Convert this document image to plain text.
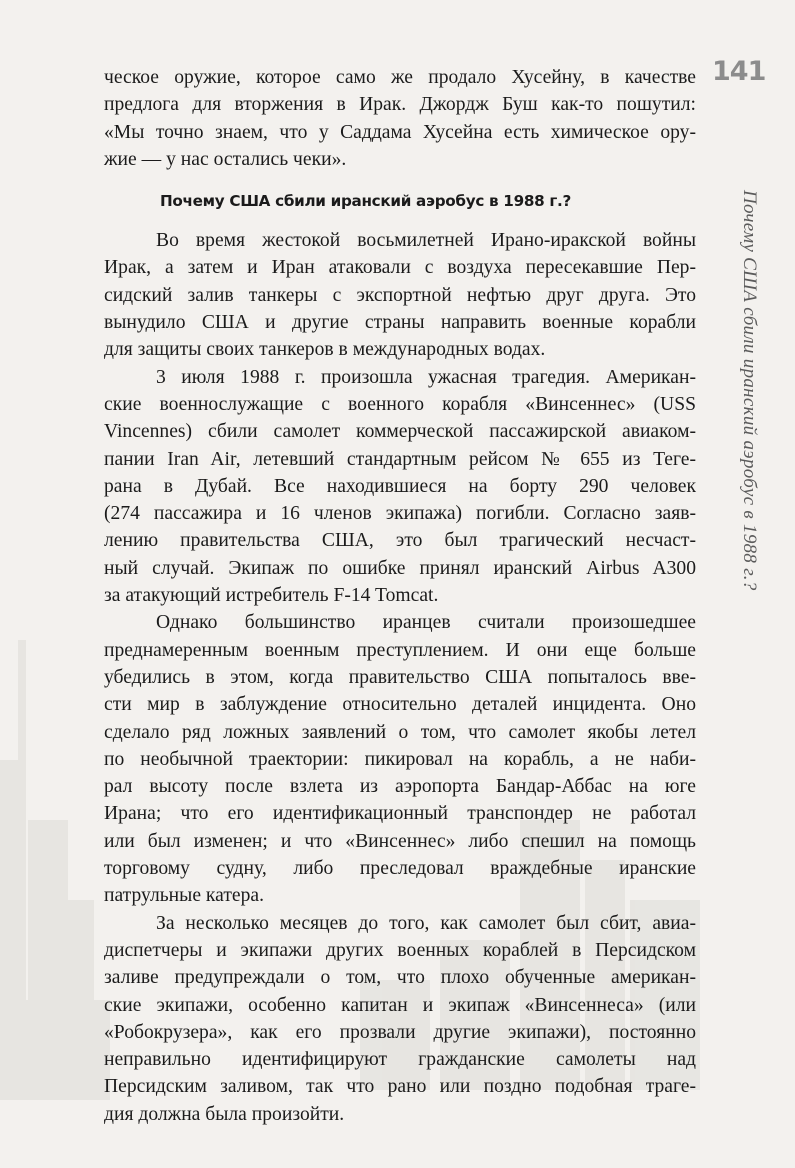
141
Почему США сбили иранский аэробус в 1988 г.?

ческое оружие, которое само же продало Хусейну, в качестве
предлога для вторжения в Ирак. Джордж Буш как-то пошутил:
«Мы точно знаем, что у Саддама Хусейна есть химическое ору-
жие — у нас остались чеки».

Почему США сбили иранский аэробус в 1988 г.?

Во время жестокой восьмилетней Ирано-иракской войны
Ирак, а затем и Иран атаковали с воздуха пересекавшие Пер-
сидский залив танкеры с экспортной нефтью друг друга. Это
вынудило США и другие страны направить военные корабли
для защиты своих танкеров в международных водах.

3 июля 1988 г. произошла ужасная трагедия. Американ-
ские военнослужащие с военного корабля «Винсеннес» (USS
Vincennes) сбили самолет коммерческой пассажирской авиаком-
пании Iran Air, летевший стандартным рейсом № 655 из Теге-
рана в Дубай. Все находившиеся на борту 290 человек
(274 пассажира и 16 членов экипажа) погибли. Согласно заяв-
лению правительства США, это был трагический несчаст-
ный случай. Экипаж по ошибке принял иранский Airbus A300
за атакующий истребитель F-14 Tomcat.

Однако большинство иранцев считали произошедшее
преднамеренным военным преступлением. И они еще больше
убедились в этом, когда правительство США попыталось вве-
сти мир в заблуждение относительно деталей инцидента. Оно
сделало ряд ложных заявлений о том, что самолет якобы летел
по необычной траектории: пикировал на корабль, а не наби-
рал высоту после взлета из аэропорта Бандар-Аббас на юге
Ирана; что его идентификационный транспондер не работал
или был изменен; и что «Винсеннес» либо спешил на помощь
торговому судну, либо преследовал враждебные иранские
патрульные катера.

За несколько месяцев до того, как самолет был сбит, авиа-
диспетчеры и экипажи других военных кораблей в Персидском
заливе предупреждали о том, что плохо обученные американ-
ские экипажи, особенно капитан и экипаж «Винсеннеса» (или
«Робокрузера», как его прозвали другие экипажи), постоянно
неправильно идентифицируют гражданские самолеты над
Персидским заливом, так что рано или поздно подобная траге-
дия должна была произойти.
